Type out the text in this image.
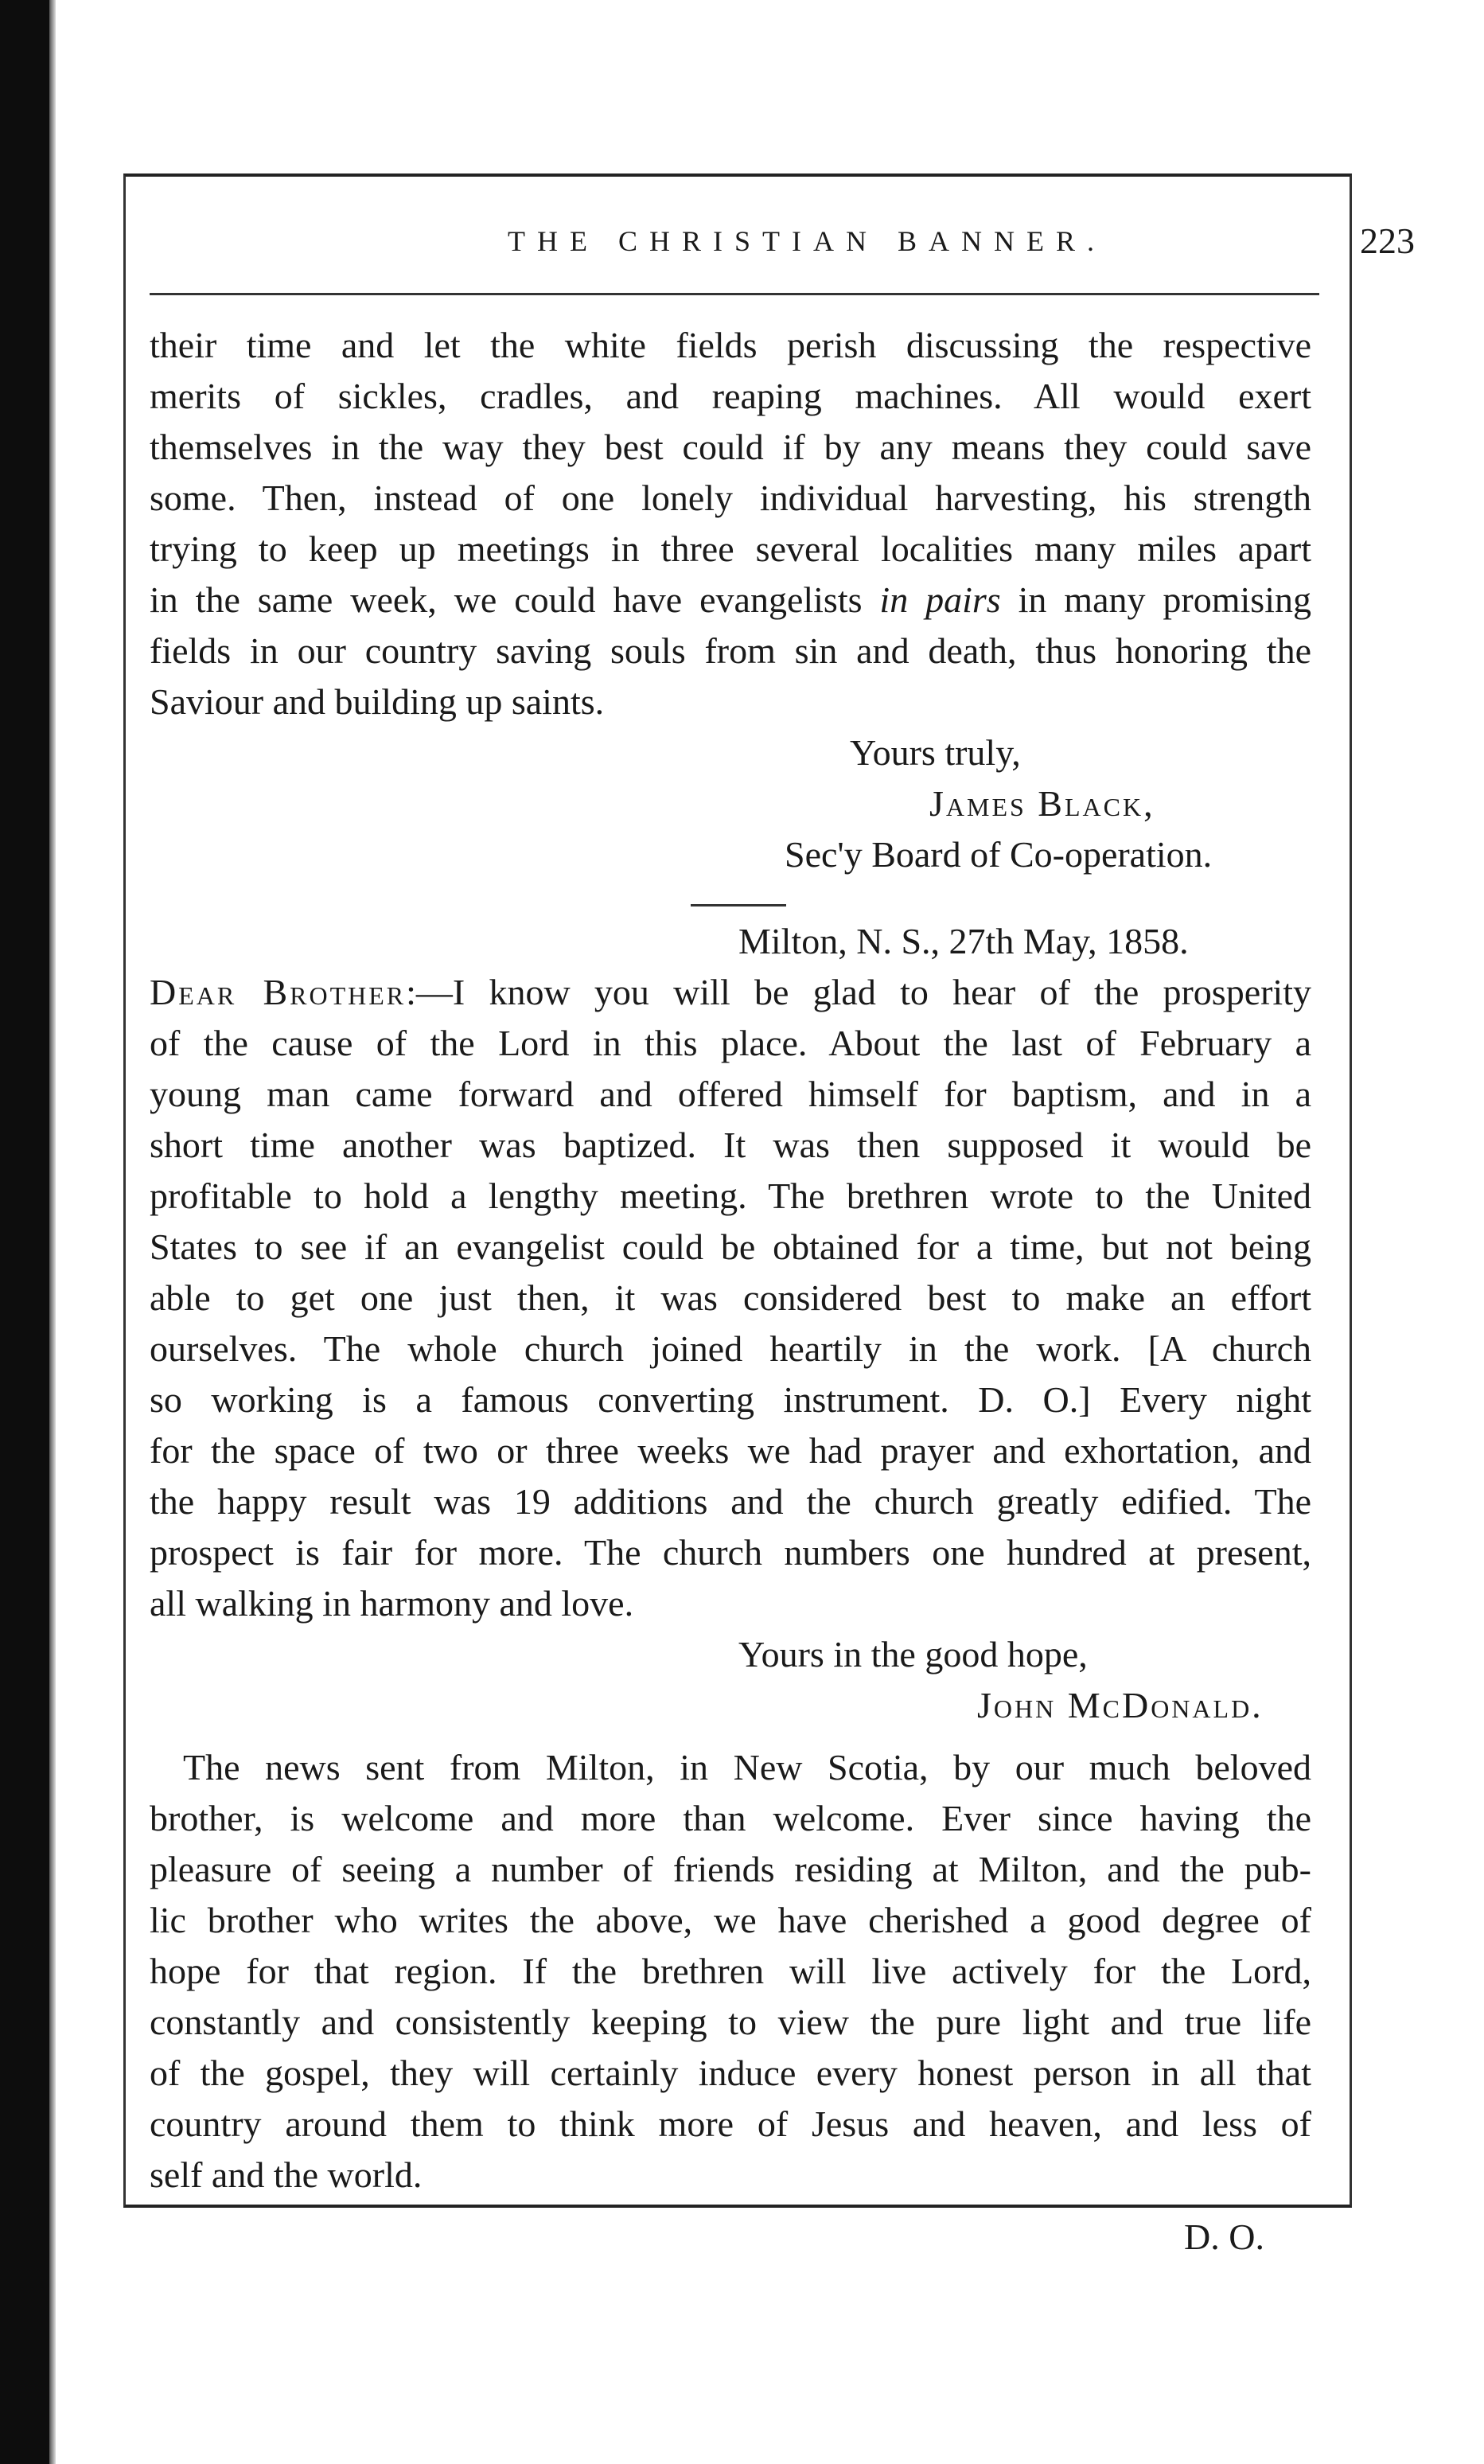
THE CHRISTIAN BANNER.	223
their time and let the white fields perish discussing the respective
merits of sickles, cradles, and reaping machines. All would exert
themselves in the way they best could if by any means they could save
some. Then, instead of one lonely individual harvesting, his strength
trying to keep up meetings in three several localities many miles apart
in the same week, we could have evangelists in pairs in many promising
fields in our country saving souls from sin and death, thus honoring the
Saviour and building up saints.
Yours truly,
James Black,
Sec'y Board of Co-operation.
Milton, N. S., 27th May, 1858.
Dear Brother:—I know you will be glad to hear of the prosperity
of the cause of the Lord in this place. About the last of February a
young man came forward and offered himself for baptism, and in a
short time another was baptized. It was then supposed it would be
profitable to hold a lengthy meeting. The brethren wrote to the United
States to see if an evangelist could be obtained for a time, but not being
able to get one just then, it was considered best to make an effort
ourselves. The whole church joined heartily in the work. [A church
so working is a famous converting instrument. D. O.] Every night
for the space of two or three weeks we had prayer and exhortation, and
the happy result was 19 additions and the church greatly edified. The
prospect is fair for more. The church numbers one hundred at present,
all walking in harmony and love.
Yours in the good hope,
John McDonald.
The news sent from Milton, in New Scotia, by our much beloved
brother, is welcome and more than welcome. Ever since having the
pleasure of seeing a number of friends residing at Milton, and the pub-
lic brother who writes the above, we have cherished a good degree of
hope for that region. If the brethren will live actively for the Lord,
constantly and consistently keeping to view the pure light and true life
of the gospel, they will certainly induce every honest person in all that
country around them to think more of Jesus and heaven, and less of
self and the world.
D. O.
